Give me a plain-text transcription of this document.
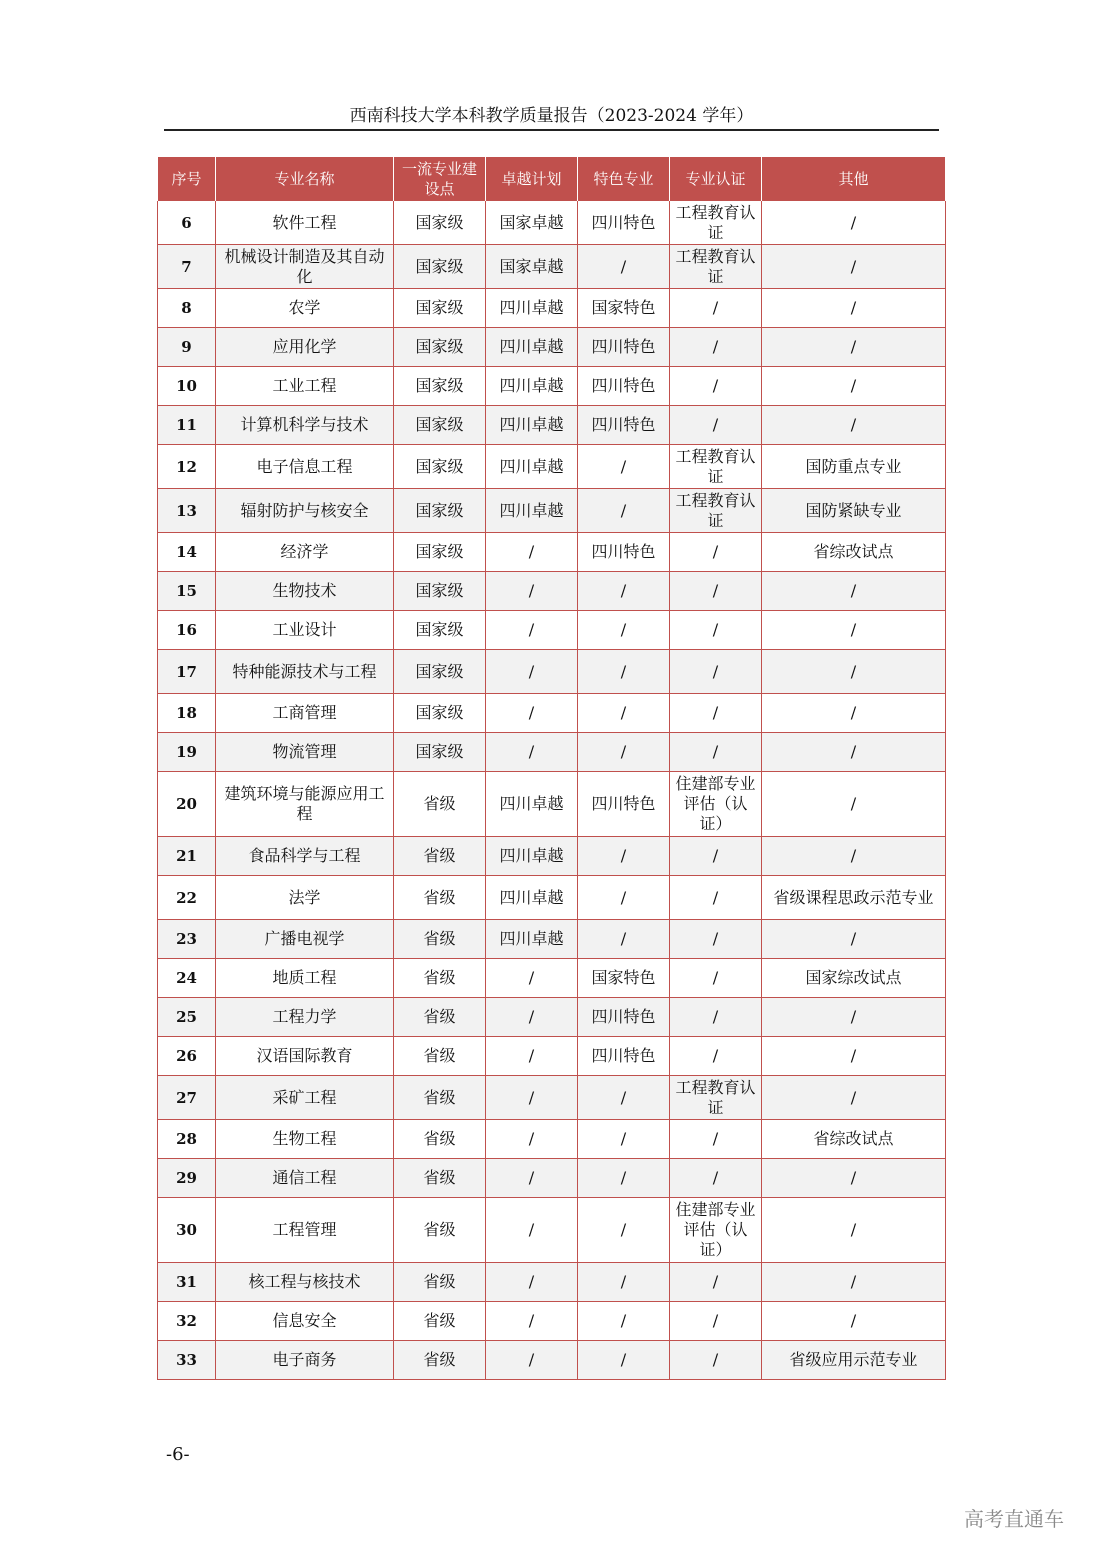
西南科技大学本科教学质量报告（2023-2024 学年）
序号	专业名称	一流专业建设点	卓越计划	特色专业	专业认证	其他
6	软件工程	国家级	国家卓越	四川特色	工程教育认证	/
7	机械设计制造及其自动化	国家级	国家卓越	/	工程教育认证	/
8	农学	国家级	四川卓越	国家特色	/	/
9	应用化学	国家级	四川卓越	四川特色	/	/
10	工业工程	国家级	四川卓越	四川特色	/	/
11	计算机科学与技术	国家级	四川卓越	四川特色	/	/
12	电子信息工程	国家级	四川卓越	/	工程教育认证	国防重点专业
13	辐射防护与核安全	国家级	四川卓越	/	工程教育认证	国防紧缺专业
14	经济学	国家级	/	四川特色	/	省综改试点
15	生物技术	国家级	/	/	/	/
16	工业设计	国家级	/	/	/	/
17	特种能源技术与工程	国家级	/	/	/	/
18	工商管理	国家级	/	/	/	/
19	物流管理	国家级	/	/	/	/
20	建筑环境与能源应用工程	省级	四川卓越	四川特色	住建部专业评估（认证）	/
21	食品科学与工程	省级	四川卓越	/	/	/
22	法学	省级	四川卓越	/	/	省级课程思政示范专业
23	广播电视学	省级	四川卓越	/	/	/
24	地质工程	省级	/	国家特色	/	国家综改试点
25	工程力学	省级	/	四川特色	/	/
26	汉语国际教育	省级	/	四川特色	/	/
27	采矿工程	省级	/	/	工程教育认证	/
28	生物工程	省级	/	/	/	省综改试点
29	通信工程	省级	/	/	/	/
30	工程管理	省级	/	/	住建部专业评估（认证）	/
31	核工程与核技术	省级	/	/	/	/
32	信息安全	省级	/	/	/	/
33	电子商务	省级	/	/	/	省级应用示范专业
-6-
高考直通车
